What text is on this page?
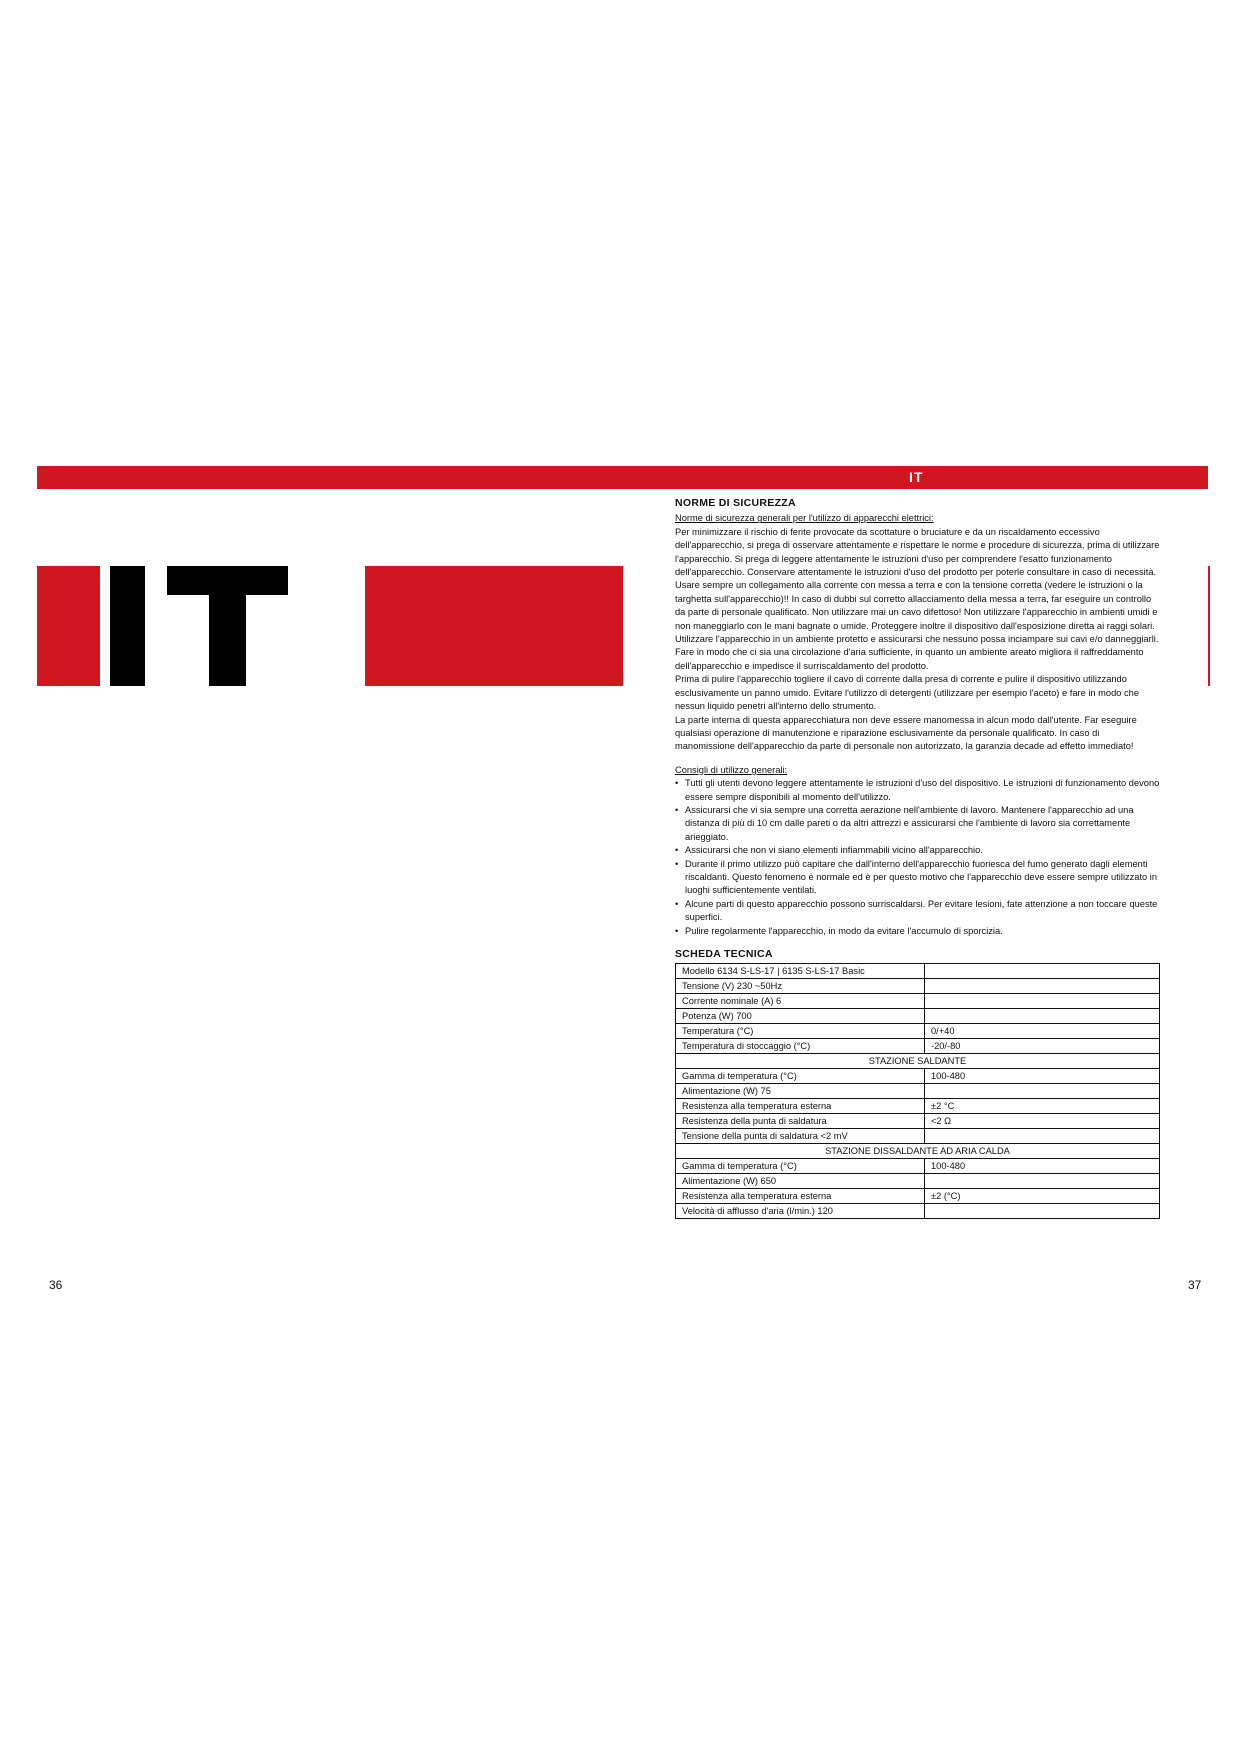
IT
NORME DI SICUREZZA

Norme di sicurezza generali per l'utilizzo di apparecchi elettrici:

Per minimizzare il rischio di ferite provocate da scottature o bruciature e da un riscaldamento eccessivo dell'apparecchio, si prega di osservare attentamente e rispettare le norme e procedure di sicurezza, prima di utilizzare l'apparecchio. Si prega di leggere attentamente le istruzioni d'uso per comprendere l'esatto funzionamento dell'apparecchio. Conservare attentamente le istruzioni d'uso del prodotto per poterle consultare in caso di necessità. Usare sempre un collegamento alla corrente con messa a terra e con la tensione corretta (vedere le istruzioni o la targhetta sull'apparecchio)!! In caso di dubbi sul corretto allacciamento della messa a terra, far eseguire un controllo da parte di personale qualificato. Non utilizzare mai un cavo difettoso! Non utilizzare l'apparecchio in ambienti umidi e non maneggiarlo con le mani bagnate o umide. Proteggere inoltre il dispositivo dall'esposizione diretta ai raggi solari. Utilizzare l'apparecchio in un ambiente protetto e assicurarsi che nessuno possa inciampare sui cavi e/o danneggiarli. Fare in modo che ci sia una circolazione d'aria sufficiente, in quanto un ambiente areato migliora il raffreddamento dell'apparecchio e impedisce il surriscaldamento del prodotto.

Prima di pulire l'apparecchio togliere il cavo di corrente dalla presa di corrente e pulire il dispositivo utilizzando esclusivamente un panno umido. Evitare l'utilizzo di detergenti (utilizzare per esempio l'aceto) e fare in modo che nessun liquido penetri all'interno dello strumento.

La parte interna di questa apparecchiatura non deve essere manomessa in alcun modo dall'utente. Far eseguire qualsiasi operazione di manutenzione e riparazione esclusivamente da personale qualificato. In caso di manomissione dell'apparecchio da parte di personale non autorizzato, la garanzia decade ad effetto immediato!

Consigli di utilizzo generali:

• Tutti gli utenti devono leggere attentamente le istruzioni d'uso del dispositivo. Le istruzioni di funzionamento devono essere sempre disponibili al momento dell'utilizzo.
• Assicurarsi che vi sia sempre una corretta aerazione nell'ambiente di lavoro. Mantenere l'apparecchio ad una distanza di più di 10 cm dalle pareti o da altri attrezzi e assicurarsi che l'ambiente di lavoro sia correttamente arieggiato.
• Assicurarsi che non vi siano elementi infiammabili vicino all'apparecchio.
• Durante il primo utilizzo può capitare che dall'interno dell'apparecchio fuoriesca del fumo generato dagli elementi riscaldanti. Questo fenomeno è normale ed è per questo motivo che l'apparecchio deve essere sempre utilizzato in luoghi sufficientemente ventilati.
• Alcune parti di questo apparecchio possono surriscaldarsi. Per evitare lesioni, fate attenzione a non toccare queste superfici.
• Pulire regolarmente l'apparecchio, in modo da evitare l'accumulo di sporcizia.
SCHEDA TECNICA
Modello 6134 S-LS-17 | 6135 S-LS-17 Basic	
Tensione (V) 230 ~50Hz	
Corrente nominale (A) 6	
Potenza (W) 700	
Temperatura (°C)	0/+40
Temperatura di stoccaggio (°C)	-20/-80
STAZIONE SALDANTE	
Gamma di temperatura (°C)	100-480
Alimentazione (W) 75	
Resistenza alla temperatura esterna	±2 °C
Resistenza della punta di saldatura	<2 Ω
Tensione della punta di saldatura <2 mV	
STAZIONE DISSALDANTE AD ARIA CALDA	
Gamma di temperatura (°C)	100-480
Alimentazione (W) 650	
Resistenza alla temperatura esterna	±2 (°C)
Velocità di afflusso d'aria (l/min.) 120	
36	37
